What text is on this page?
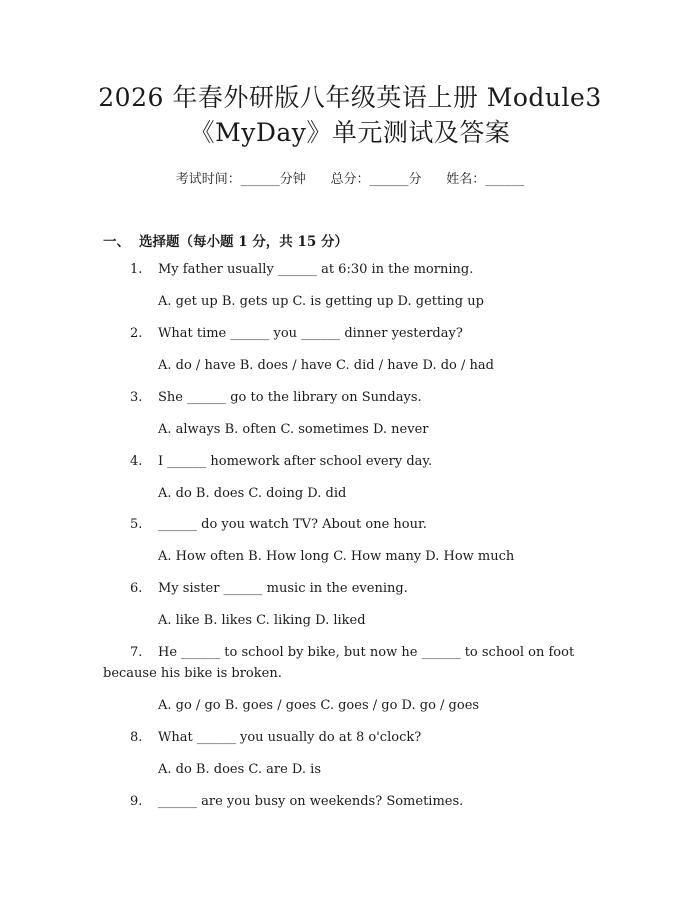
2026 年春外研版八年级英语上册 Module3
《MyDay》单元测试及答案
考试时间：______分钟      总分：______分      姓名：______
一、 选择题（每小题 1 分，共 15 分）
1. My father usually ______ at 6:30 in the morning.
A. get up B. gets up C. is getting up D. getting up
2. What time ______ you ______ dinner yesterday?
A. do / have B. does / have C. did / have D. do / had
3. She ______ go to the library on Sundays.
A. always B. often C. sometimes D. never
4. I ______ homework after school every day.
A. do B. does C. doing D. did
5. ______ do you watch TV? About one hour.
A. How often B. How long C. How many D. How much
6. My sister ______ music in the evening.
A. like B. likes C. liking D. liked
7. He ______ to school by bike, but now he ______ to school on foot
because his bike is broken.
A. go / go B. goes / goes C. goes / go D. go / goes
8. What ______ you usually do at 8 o'clock?
A. do B. does C. are D. is
9. ______ are you busy on weekends? Sometimes.
